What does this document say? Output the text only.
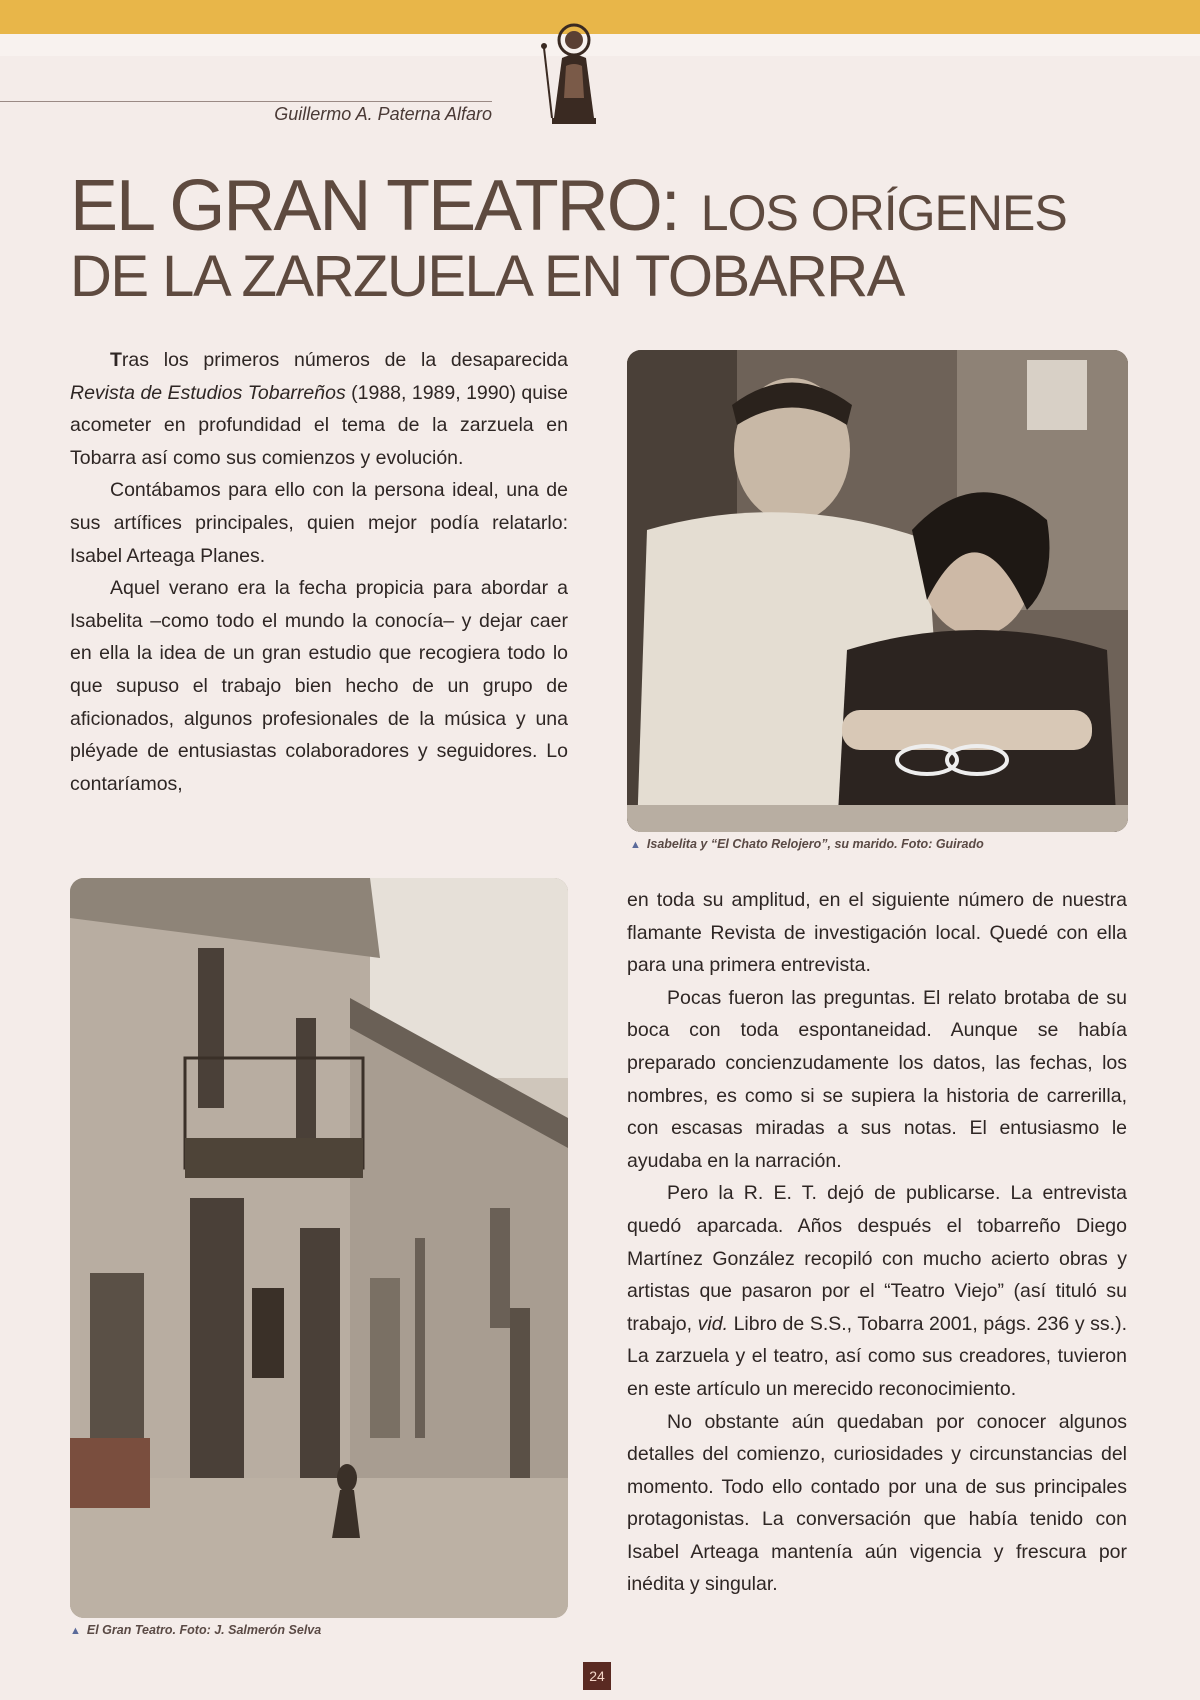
Guillermo A. Paterna Alfaro
EL GRAN TEATRO: LOS ORÍGENES
DE LA ZARZUELA EN TOBARRA

Tras los primeros números de la desaparecida Revista de Estudios Tobarreños (1988, 1989, 1990) quise acometer en profundidad el tema de la zarzuela en Tobarra así como sus comienzos y evolución.

Contábamos para ello con la persona ideal, una de sus artífices principales, quien mejor podía relatarlo: Isabel Arteaga Planes.

Aquel verano era la fecha propicia para abordar a Isabelita –como todo el mundo la conocía– y dejar caer en ella la idea de un gran estudio que recogiera todo lo que supuso el trabajo bien hecho de un grupo de aficionados, algunos profesionales de la música y una pléyade de entusiastas colaboradores y seguidores. Lo contaríamos,

▲ Isabelita y “El Chato Relojero”, su marido. Foto: Guirado
▲ El Gran Teatro. Foto: J. Salmerón Selva

en toda su amplitud, en el siguiente número de nuestra flamante Revista de investigación local. Quedé con ella para una primera entrevista.

Pocas fueron las preguntas. El relato brotaba de su boca con toda espontaneidad. Aunque se había preparado concienzudamente los datos, las fechas, los nombres, es como si se supiera la historia de carrerilla, con escasas miradas a sus notas. El entusiasmo le ayudaba en la narración.

Pero la R. E. T. dejó de publicarse. La entrevista quedó aparcada. Años después el tobarreño Diego Martínez González recopiló con mucho acierto obras y artistas que pasaron por el “Teatro Viejo” (así tituló su trabajo, vid. Libro de S.S., Tobarra 2001, págs. 236 y ss.). La zarzuela y el teatro, así como sus creadores, tuvieron en este artículo un merecido reconocimiento.

No obstante aún quedaban por conocer algunos detalles del comienzo, curiosidades y circunstancias del momento. Todo ello contado por una de sus principales protagonistas. La conversación que había tenido con Isabel Arteaga mantenía aún vigencia y frescura por inédita y singular.

24
